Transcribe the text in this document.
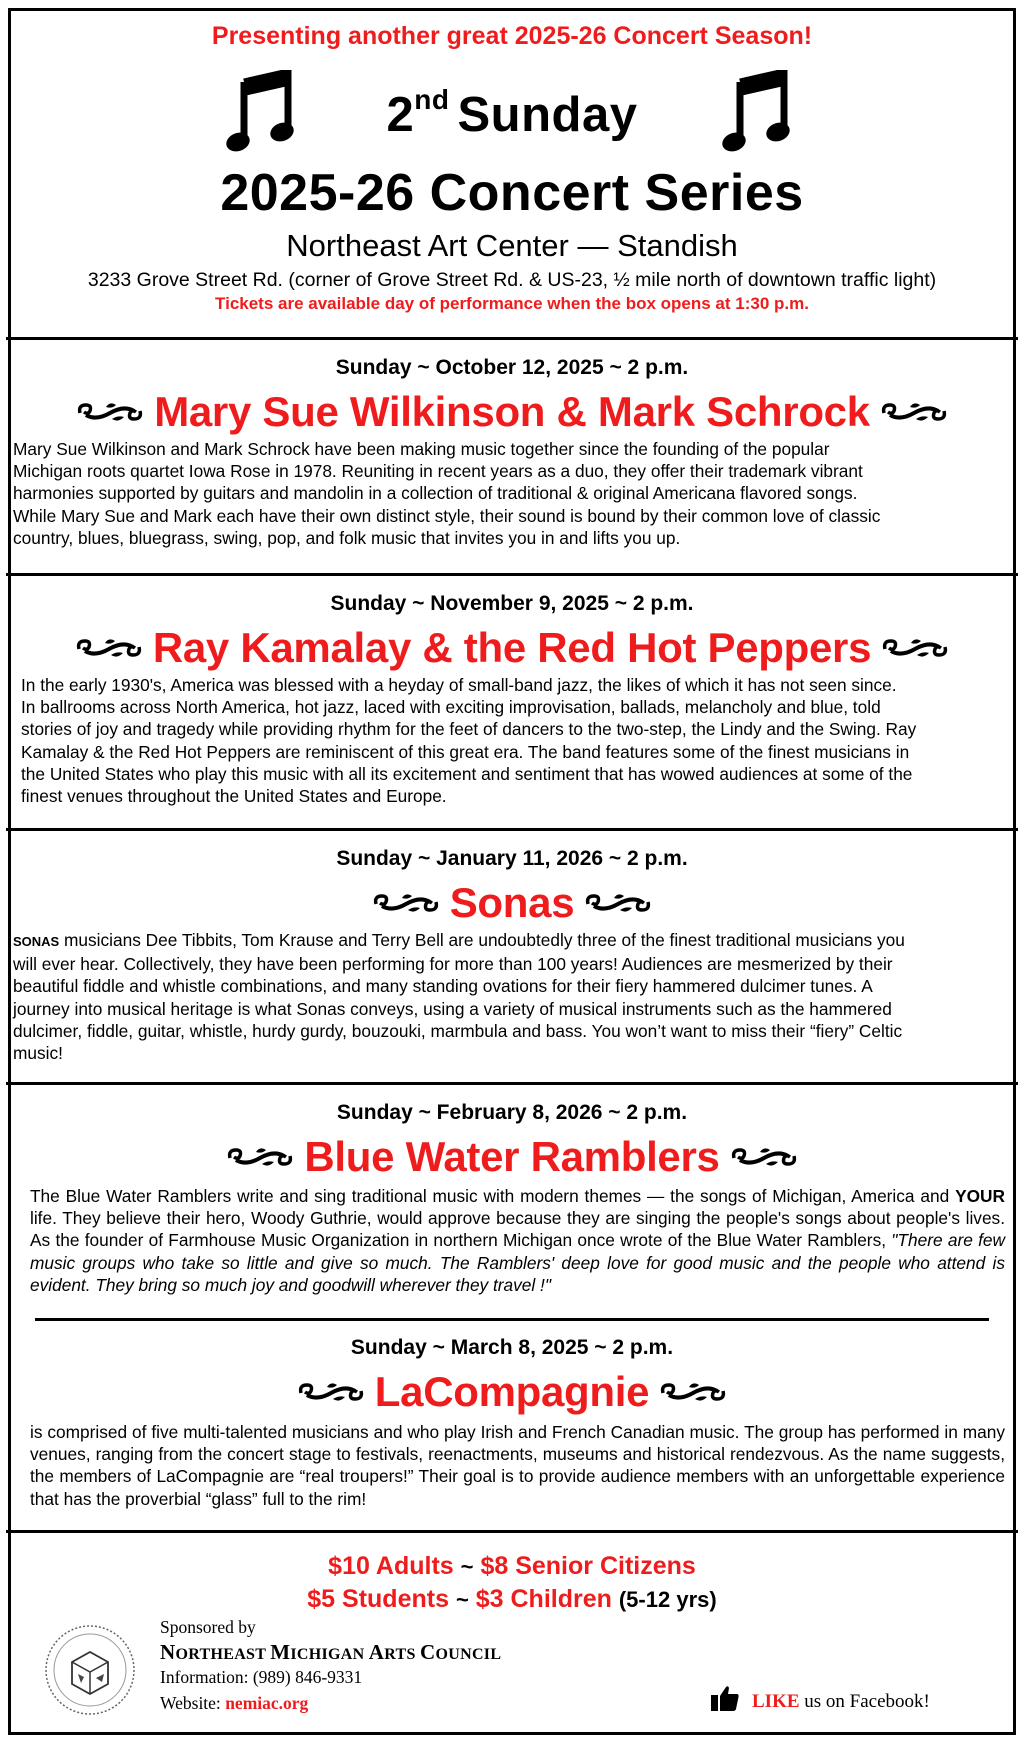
Presenting another great 2025-26 Concert Season!
2nd Sunday
2025-26 Concert Series
Northeast Art Center — Standish
3233 Grove Street Rd. (corner of Grove Street Rd. & US-23, ½ mile north of downtown traffic light)
Tickets are available day of performance when the box opens at 1:30 p.m.
Sunday ~ October 12, 2025 ~ 2 p.m.
Mary Sue Wilkinson & Mark Schrock
Mary Sue Wilkinson and Mark Schrock have been making music together since the founding of the popular
Michigan roots quartet Iowa Rose in 1978. Reuniting in recent years as a duo, they offer their trademark vibrant
harmonies supported by guitars and mandolin in a collection of traditional & original Americana flavored songs.
While Mary Sue and Mark each have their own distinct style, their sound is bound by their common love of classic
country, blues, bluegrass, swing, pop, and folk music that invites you in and lifts you up.
Sunday ~ November 9, 2025 ~ 2 p.m.
Ray Kamalay & the Red Hot Peppers
In the early 1930's, America was blessed with a heyday of small-band jazz, the likes of which it has not seen since.
In ballrooms across North America, hot jazz, laced with exciting improvisation, ballads, melancholy and blue, told
stories of joy and tragedy while providing rhythm for the feet of dancers to the two-step, the Lindy and the Swing. Ray
Kamalay & the Red Hot Peppers are reminiscent of this great era. The band features some of the finest musicians in
the United States who play this music with all its excitement and sentiment that has wowed audiences at some of the
finest venues throughout the United States and Europe.
Sunday ~ January 11, 2026 ~ 2 p.m.
Sonas
SONAS musicians Dee Tibbits, Tom Krause and Terry Bell are undoubtedly three of the finest traditional musicians you
will ever hear. Collectively, they have been performing for more than 100 years! Audiences are mesmerized by their
beautiful fiddle and whistle combinations, and many standing ovations for their fiery hammered dulcimer tunes. A
journey into musical heritage is what Sonas conveys, using a variety of musical instruments such as the hammered
dulcimer, fiddle, guitar, whistle, hurdy gurdy, bouzouki, marmbula and bass. You won’t want to miss their “fiery” Celtic
music!
Sunday ~ February 8, 2026 ~ 2 p.m.
Blue Water Ramblers
The Blue Water Ramblers write and sing traditional music with modern themes — the songs of Michigan, America and YOUR life. They believe their hero, Woody Guthrie, would approve because they are singing the people's songs about people's lives. As the founder of Farmhouse Music Organization in northern Michigan once wrote of the Blue Water Ramblers, "There are few music groups who take so little and give so much. The Ramblers' deep love for good music and the people who attend is evident. They bring so much joy and goodwill wherever they travel !"
Sunday ~ March 8, 2025 ~ 2 p.m.
LaCompagnie
is comprised of five multi-talented musicians and who play Irish and French Canadian music. The group has performed in many venues, ranging from the concert stage to festivals, reenactments, museums and historical rendezvous. As the name suggests, the members of LaCompagnie are “real troupers!” Their goal is to provide audience members with an unforgettable experience that has the proverbial “glass” full to the rim!
$10 Adults ~ $8 Senior Citizens
$5 Students ~ $3 Children (5-12 yrs)
Sponsored by
NORTHEAST MICHIGAN ARTS COUNCIL
Information: (989) 846-9331
Website: nemiac.org	LIKE us on Facebook!
